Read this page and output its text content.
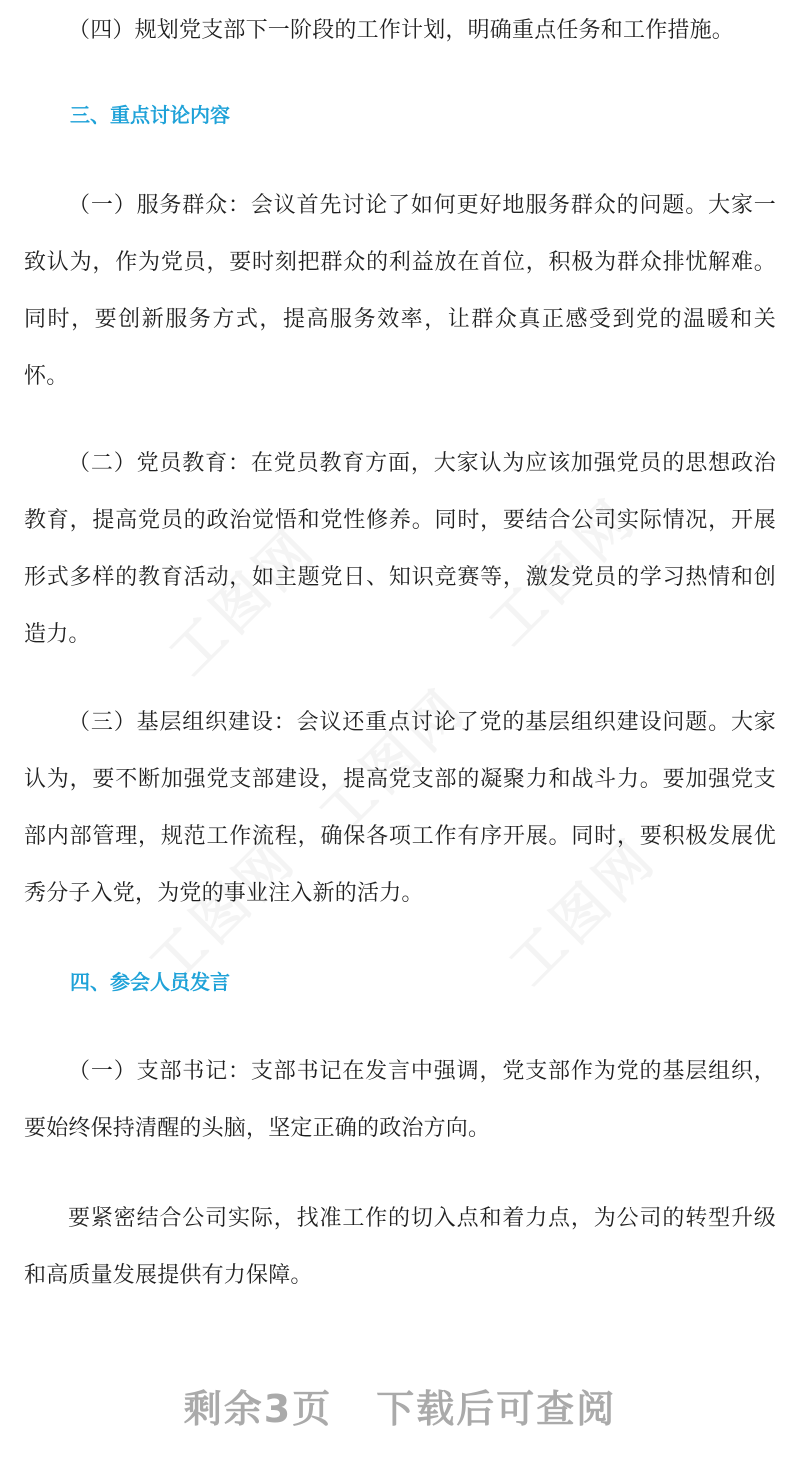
（四）规划党支部下一阶段的工作计划，明确重点任务和工作措施。

三、重点讨论内容

（一）服务群众：会议首先讨论了如何更好地服务群众的问题。大家一致认为，作为党员，要时刻把群众的利益放在首位，积极为群众排忧解难。同时，要创新服务方式，提高服务效率，让群众真正感受到党的温暖和关怀。

（二）党员教育：在党员教育方面，大家认为应该加强党员的思想政治教育，提高党员的政治觉悟和党性修养。同时，要结合公司实际情况，开展形式多样的教育活动，如主题党日、知识竞赛等，激发党员的学习热情和创造力。

（三）基层组织建设：会议还重点讨论了党的基层组织建设问题。大家认为，要不断加强党支部建设，提高党支部的凝聚力和战斗力。要加强党支部内部管理，规范工作流程，确保各项工作有序开展。同时，要积极发展优秀分子入党，为党的事业注入新的活力。

四、参会人员发言

（一）支部书记：支部书记在发言中强调，党支部作为党的基层组织，要始终保持清醒的头脑，坚定正确的政治方向。

要紧密结合公司实际，找准工作的切入点和着力点，为公司的转型升级和高质量发展提供有力保障。

剩余3页 下载后可查阅
